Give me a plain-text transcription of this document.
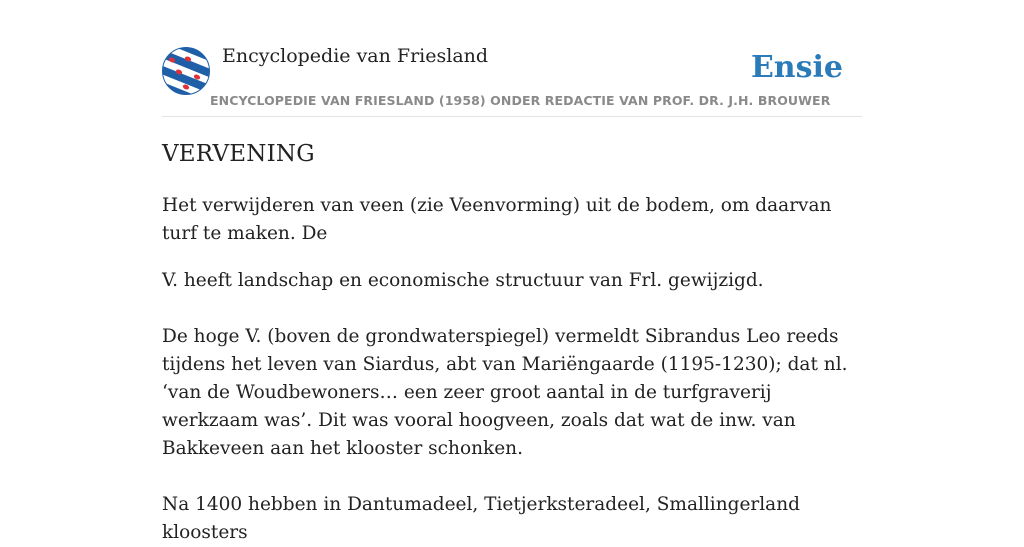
Encyclopedie van Friesland
ENCYCLOPEDIE VAN FRIESLAND (1958) ONDER REDACTIE VAN PROF. DR. J.H. BROUWER
Ensie
VERVENING

Het verwijderen van veen (zie Veenvorming) uit de bodem, om daarvan turf te maken. De

V. heeft landschap en economische structuur van Frl. gewijzigd.

De hoge V. (boven de grondwaterspiegel) vermeldt Sibrandus Leo reeds tijdens het leven van Siardus, abt van Mariëngaarde (1195-1230); dat nl. ‘van de Woudbewoners… een zeer groot aantal in de turfgraverij werkzaam was’. Dit was vooral hoogveen, zoals dat wat de inw. van Bakkeveen aan het klooster schonken.

Na 1400 hebben in Dantumadeel, Tietjerksteradeel, Smallingerland kloosters
